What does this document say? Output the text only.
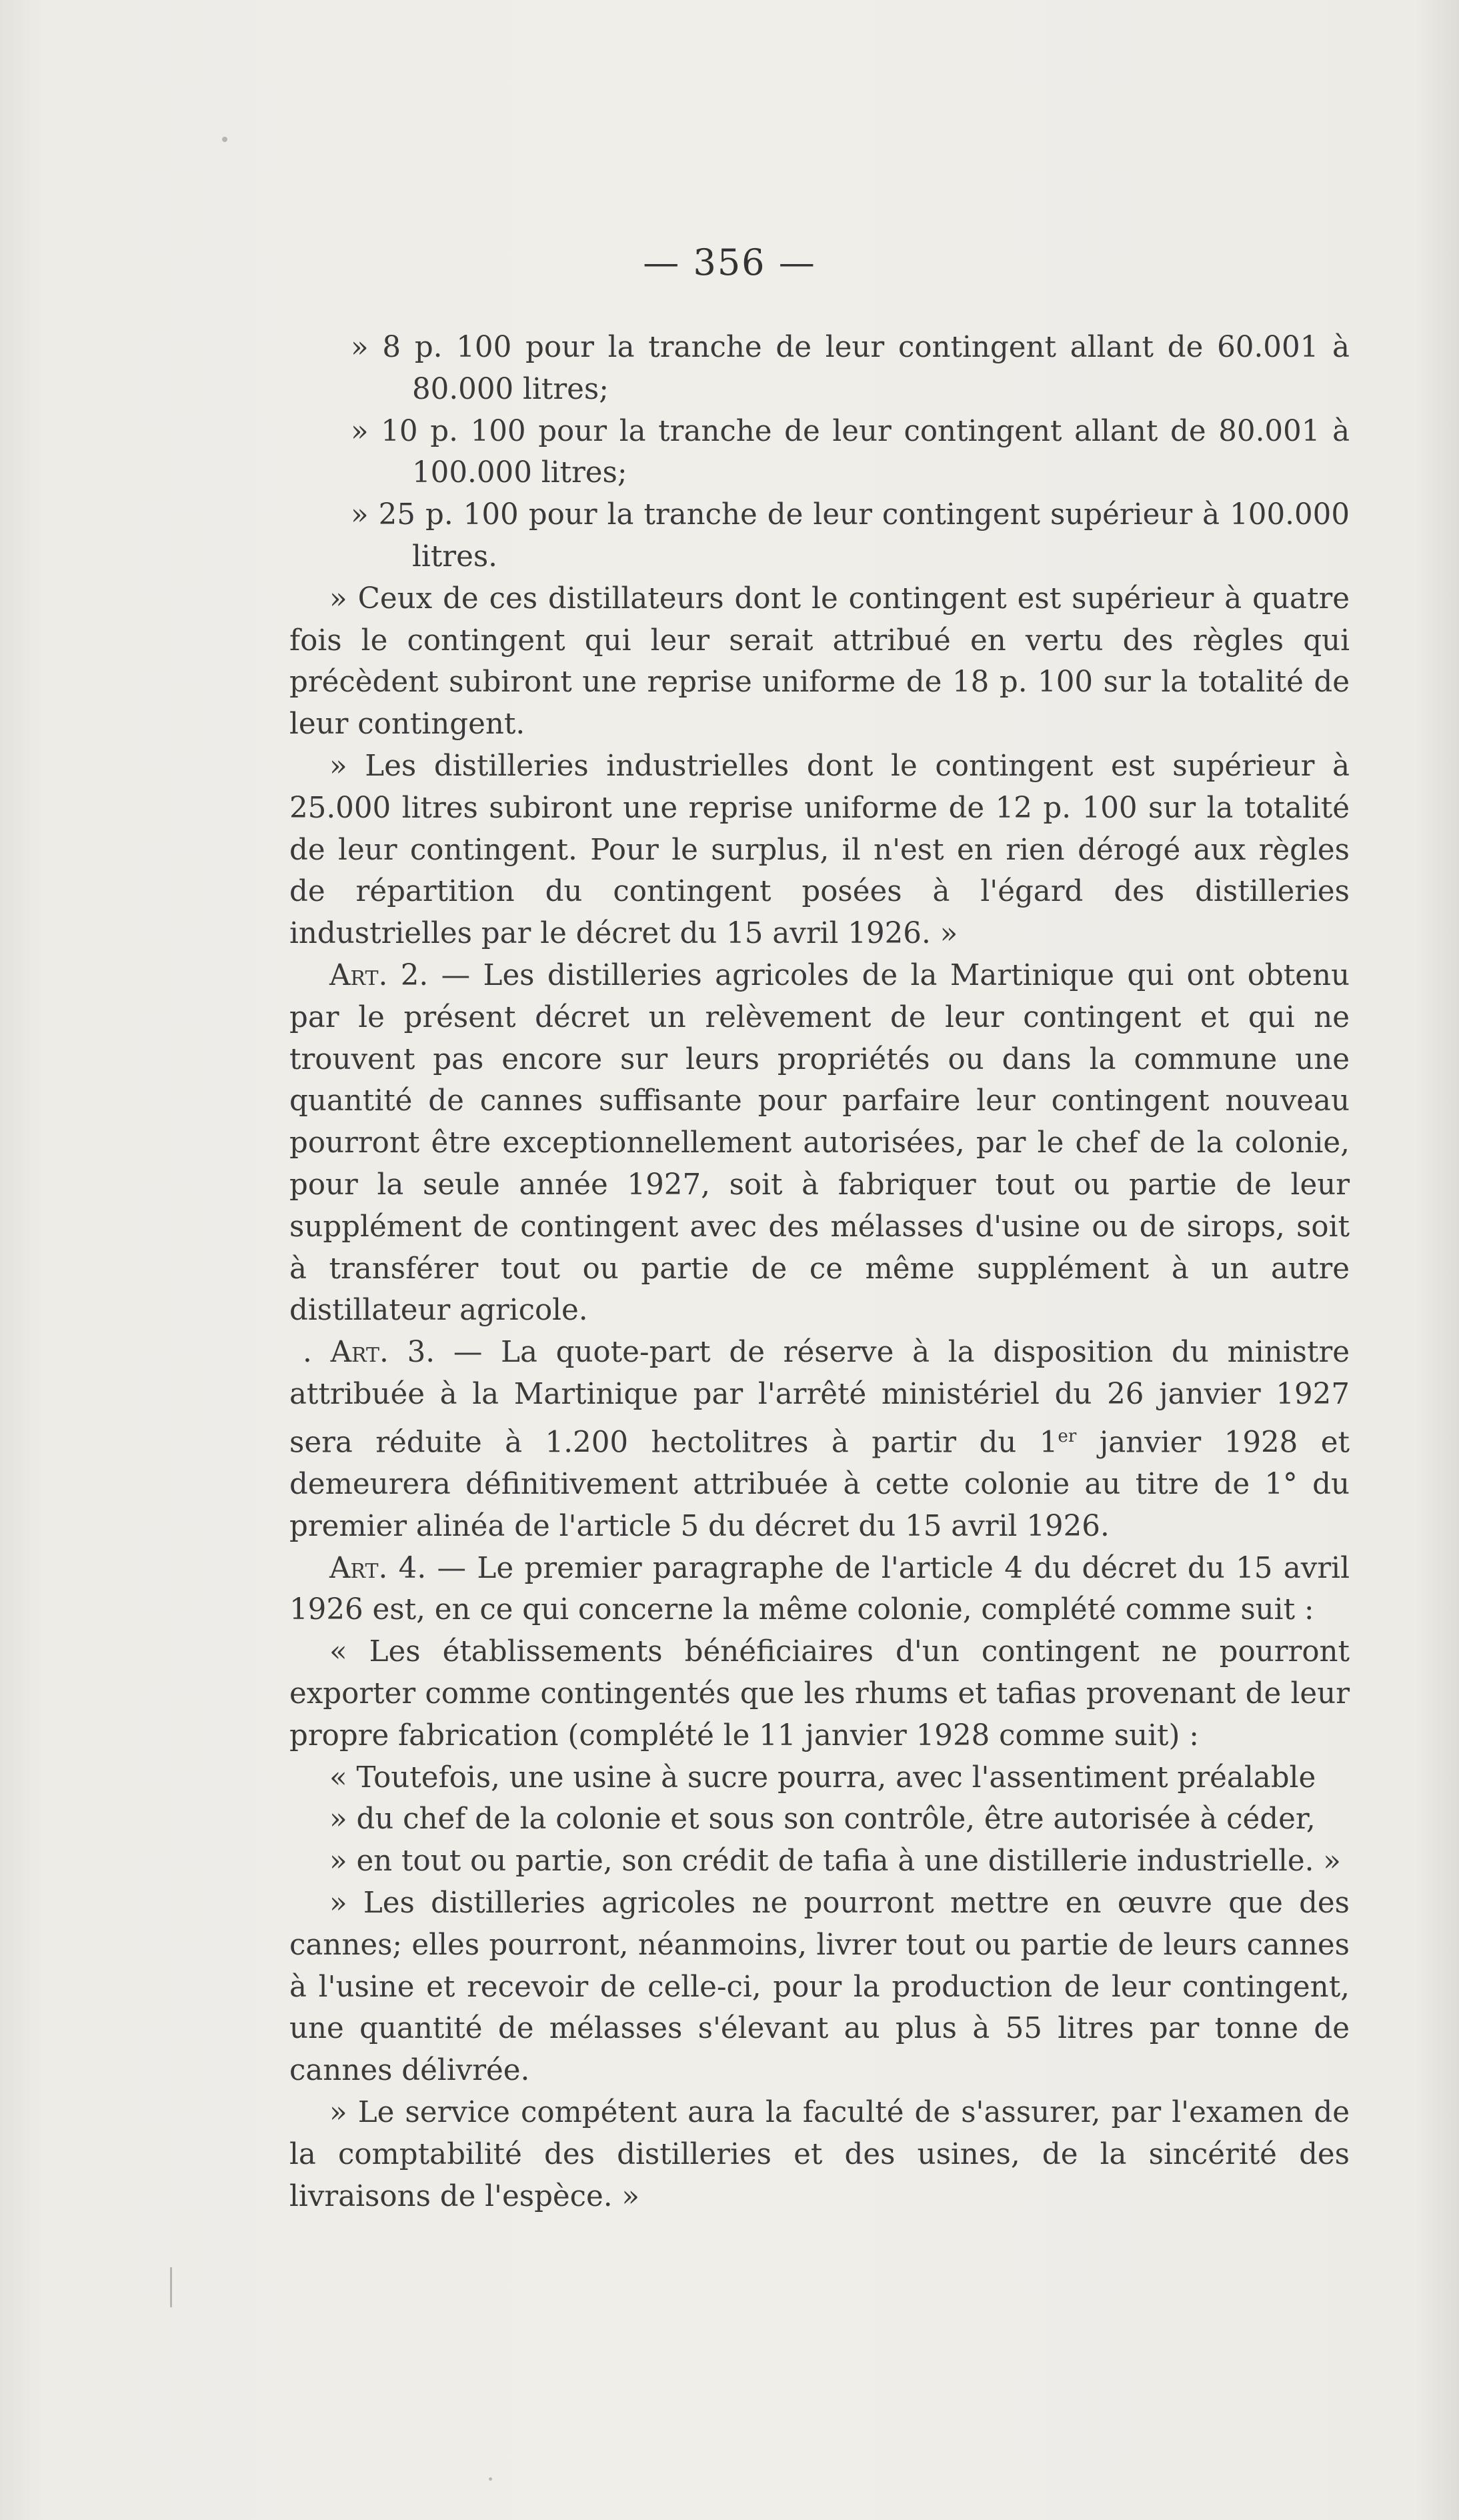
— 356 —

» 8 p. 100 pour la tranche de leur contingent allant de 60.001 à 80.000 litres;

» 10 p. 100 pour la tranche de leur contingent allant de 80.001 à 100.000 litres;

» 25 p. 100 pour la tranche de leur contingent supérieur à 100.000 litres.

» Ceux de ces distillateurs dont le contingent est supérieur à quatre fois le contingent qui leur serait attribué en vertu des règles qui précèdent subiront une reprise uniforme de 18 p. 100 sur la totalité de leur contingent.

» Les distilleries industrielles dont le contingent est supérieur à 25.000 litres subiront une reprise uniforme de 12 p. 100 sur la totalité de leur contingent. Pour le surplus, il n'est en rien dérogé aux règles de répartition du contingent posées à l'égard des distilleries industrielles par le décret du 15 avril 1926. »

Art. 2. — Les distilleries agricoles de la Martinique qui ont obtenu par le présent décret un relèvement de leur contingent et qui ne trouvent pas encore sur leurs propriétés ou dans la commune une quantité de cannes suffisante pour parfaire leur contingent nouveau pourront être exceptionnellement autorisées, par le chef de la colonie, pour la seule année 1927, soit à fabriquer tout ou partie de leur supplément de contingent avec des mélasses d'usine ou de sirops, soit à transférer tout ou partie de ce même supplément à un autre distillateur agricole.

. Art. 3. — La quote-part de réserve à la disposition du ministre attribuée à la Martinique par l'arrêté ministériel du 26 janvier 1927 sera réduite à 1.200 hectolitres à partir du 1er janvier 1928 et demeurera définitivement attribuée à cette colonie au titre de 1° du premier alinéa de l'article 5 du décret du 15 avril 1926.

Art. 4. — Le premier paragraphe de l'article 4 du décret du 15 avril 1926 est, en ce qui concerne la même colonie, complété comme suit :

« Les établissements bénéficiaires d'un contingent ne pourront exporter comme contingentés que les rhums et tafias provenant de leur propre fabrication (complété le 11 janvier 1928 comme suit) :

« Toutefois, une usine à sucre pourra, avec l'assentiment préalable

» du chef de la colonie et sous son contrôle, être autorisée à céder,

» en tout ou partie, son crédit de tafia à une distillerie industrielle. »

» Les distilleries agricoles ne pourront mettre en œuvre que des cannes; elles pourront, néanmoins, livrer tout ou partie de leurs cannes à l'usine et recevoir de celle-ci, pour la production de leur contingent, une quantité de mélasses s'élevant au plus à 55 litres par tonne de cannes délivrée.

» Le service compétent aura la faculté de s'assurer, par l'examen de la comptabilité des distilleries et des usines, de la sincérité des livraisons de l'espèce. »
